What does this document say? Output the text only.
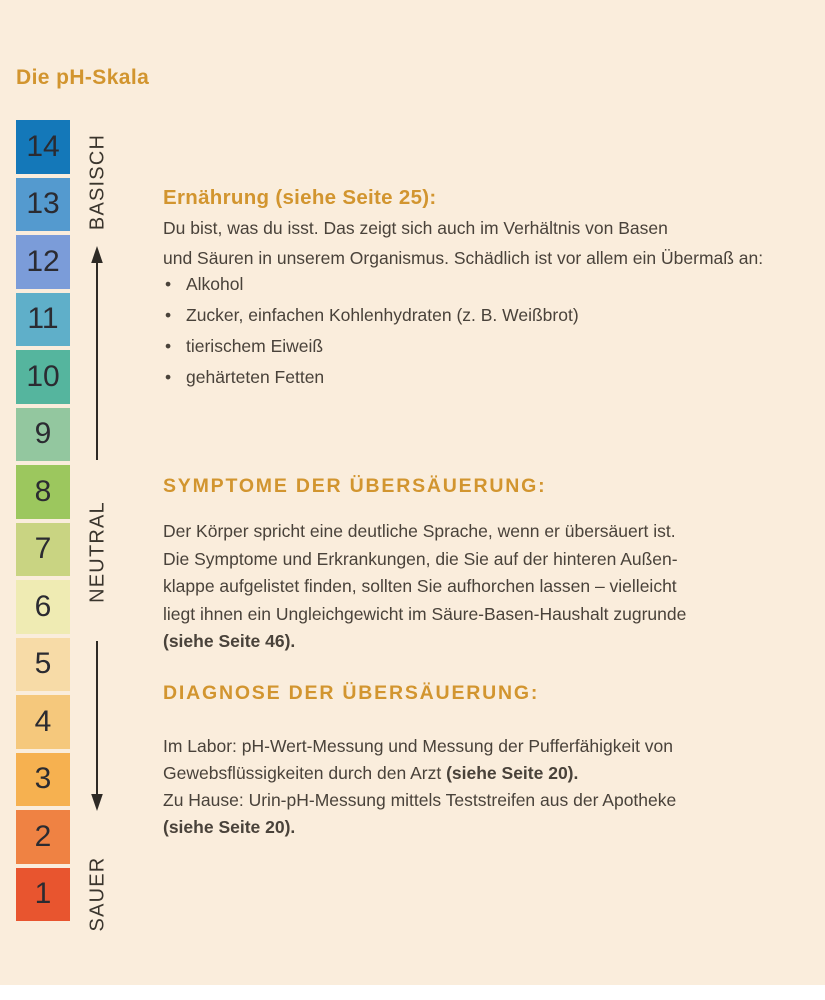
Die pH-Skala
14
13
12
11
10
9
8
7
6
5
4
3
2
1
BASISCH
NEUTRAL
SAUER
Ernährung (siehe Seite 25):
Du bist, was du isst. Das zeigt sich auch im Verhältnis von Basen
und Säuren in unserem Organismus. Schädlich ist vor allem ein Übermaß an:
• Alkohol
• Zucker, einfachen Kohlenhydraten (z. B. Weißbrot)
• tierischem Eiweiß
• gehärteten Fetten
SYMPTOME DER ÜBERSÄUERUNG:
Der Körper spricht eine deutliche Sprache, wenn er übersäuert ist.
Die Symptome und Erkrankungen, die Sie auf der hinteren Außen-
klappe aufgelistet finden, sollten Sie aufhorchen lassen – vielleicht
liegt ihnen ein Ungleichgewicht im Säure-Basen-Haushalt zugrunde
(siehe Seite 46).
DIAGNOSE DER ÜBERSÄUERUNG:
Im Labor: pH-Wert-Messung und Messung der Pufferfähigkeit von
Gewebsflüssigkeiten durch den Arzt (siehe Seite 20).
Zu Hause: Urin-pH-Messung mittels Teststreifen aus der Apotheke
(siehe Seite 20).
